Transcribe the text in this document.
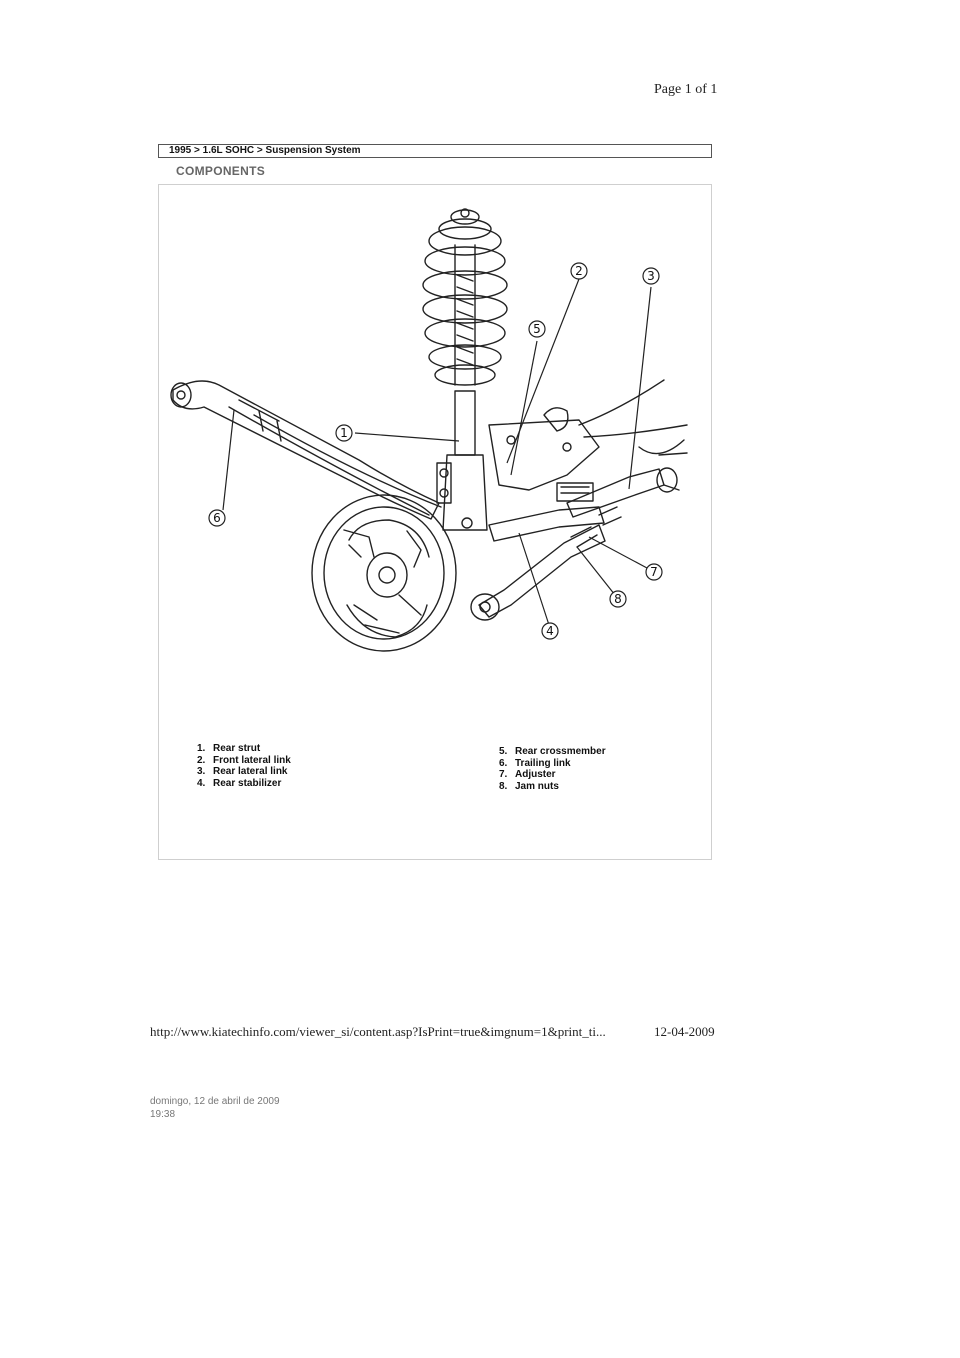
Page 1 of 1
1995 > 1.6L SOHC > Suspension System
COMPONENTS
1
2	3
4
5
6
7
8
1. Rear strut
2. Front lateral link
3. Rear lateral link
4. Rear stabilizer
5. Rear crossmember
6. Trailing link
7. Adjuster
8. Jam nuts
http://www.kiatechinfo.com/viewer_si/content.asp?IsPrint=true&imgnum=1&print_ti...	12-04-2009
domingo, 12 de abril de 2009
19:38
